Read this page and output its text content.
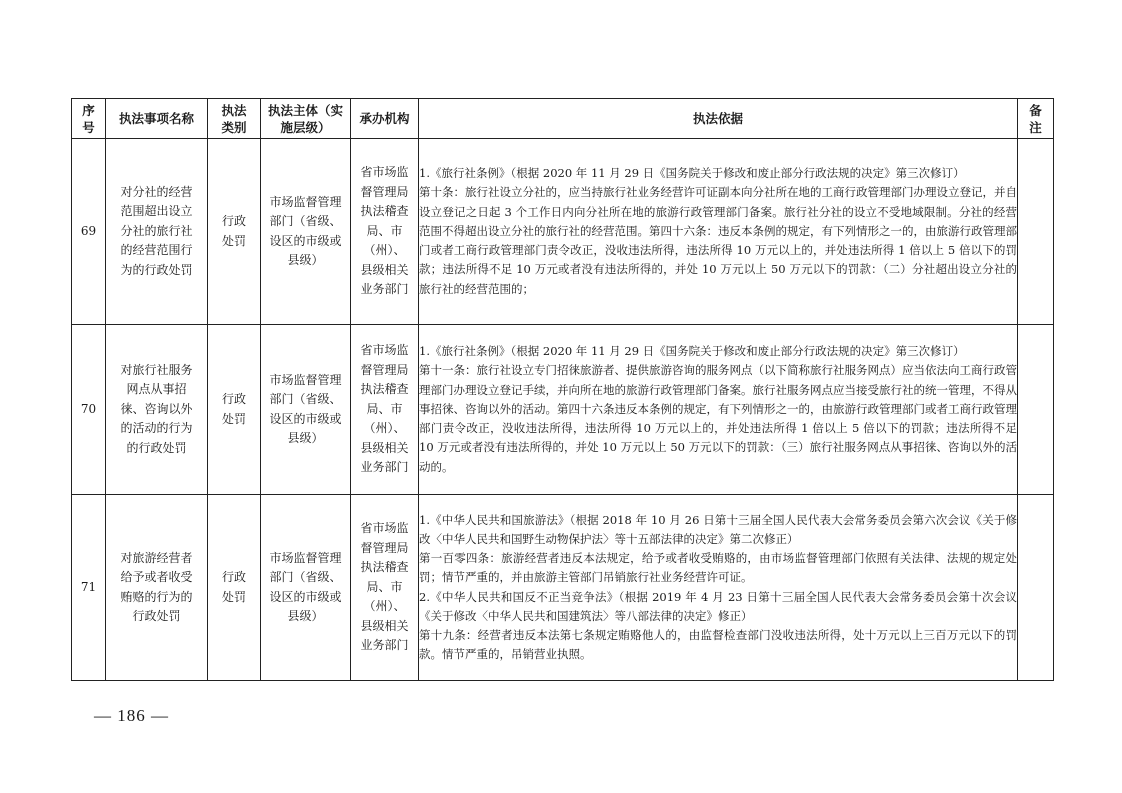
序号	执法事项名称	执法类别	执法主体（实施层级）	承办机构	执法依据	备注
69	对分社的经营范围超出设立分社的旅行社的经营范围行为的行政处罚	行政处罚	市场监督管理部门（省级、设区的市级或县级）	省市场监督管理局执法稽查局、市（州）、县级相关业务部门	1.《旅行社条例》（根据 2020 年 11 月 29 日《国务院关于修改和废止部分行政法规的决定》第三次修订）

第十条：旅行社设立分社的，应当持旅行社业务经营许可证副本向分社所在地的工商行政管理部门办理设立登记，并自设立登记之日起 3 个工作日内向分社所在地的旅游行政管理部门备案。旅行社分社的设立不受地域限制。分社的经营范围不得超出设立分社的旅行社的经营范围。第四十六条：违反本条例的规定，有下列情形之一的，由旅游行政管理部门或者工商行政管理部门责令改正，没收违法所得，违法所得 10 万元以上的，并处违法所得 1 倍以上 5 倍以下的罚款；违法所得不足 10 万元或者没有违法所得的，并处 10 万元以上 50 万元以下的罚款：（二）分社超出设立分社的旅行社的经营范围的；	

70	对旅行社服务网点从事招徕、咨询以外的活动的行为的行政处罚	行政处罚	市场监督管理部门（省级、设区的市级或县级）	省市场监督管理局执法稽查局、市（州）、县级相关业务部门	1.《旅行社条例》（根据 2020 年 11 月 29 日《国务院关于修改和废止部分行政法规的决定》第三次修订）

第十一条：旅行社设立专门招徕旅游者、提供旅游咨询的服务网点（以下简称旅行社服务网点）应当依法向工商行政管理部门办理设立登记手续，并向所在地的旅游行政管理部门备案。旅行社服务网点应当接受旅行社的统一管理，不得从事招徕、咨询以外的活动。第四十六条违反本条例的规定，有下列情形之一的，由旅游行政管理部门或者工商行政管理部门责令改正，没收违法所得，违法所得 10 万元以上的，并处违法所得 1 倍以上 5 倍以下的罚款；违法所得不足 10 万元或者没有违法所得的，并处 10 万元以上 50 万元以下的罚款：（三）旅行社服务网点从事招徕、咨询以外的活动的。	

71	对旅游经营者给予或者收受贿赂的行为的行政处罚	行政处罚	市场监督管理部门（省级、设区的市级或县级）	省市场监督管理局执法稽查局、市（州）、县级相关业务部门	1.《中华人民共和国旅游法》（根据 2018 年 10 月 26 日第十三届全国人民代表大会常务委员会第六次会议《关于修改〈中华人民共和国野生动物保护法〉等十五部法律的决定》第二次修正）

第一百零四条：旅游经营者违反本法规定，给予或者收受贿赂的，由市场监督管理部门依照有关法律、法规的规定处罚；情节严重的，并由旅游主管部门吊销旅行社业务经营许可证。

2.《中华人民共和国反不正当竞争法》（根据 2019 年 4 月 23 日第十三届全国人民代表大会常务委员会第十次会议《关于修改〈中华人民共和国建筑法〉等八部法律的决定》修正）

第十九条：经营者违反本法第七条规定贿赂他人的，由监督检查部门没收违法所得，处十万元以上三百万元以下的罚款。情节严重的，吊销营业执照。	

— 186 —
